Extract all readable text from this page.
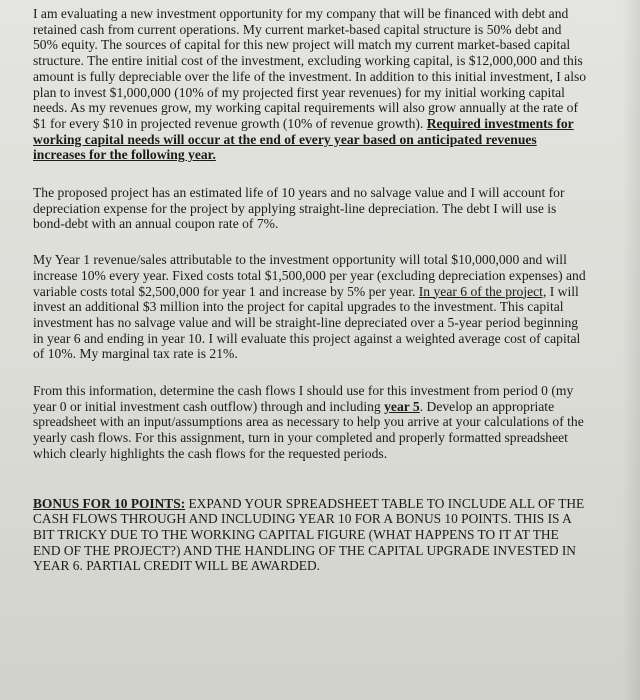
I am evaluating a new investment opportunity for my company that will be financed with debt and retained cash from current operations. My current market-based capital structure is 50% debt and 50% equity. The sources of capital for this new project will match my current market-based capital structure. The entire initial cost of the investment, excluding working capital, is $12,000,000 and this amount is fully depreciable over the life of the investment. In addition to this initial investment, I also plan to invest $1,000,000 (10% of my projected first year revenues) for my initial working capital needs. As my revenues grow, my working capital requirements will also grow annually at the rate of $1 for every $10 in projected revenue growth (10% of revenue growth). Required investments for working capital needs will occur at the end of every year based on anticipated revenues increases for the following year.

The proposed project has an estimated life of 10 years and no salvage value and I will account for depreciation expense for the project by applying straight-line depreciation. The debt I will use is bond-debt with an annual coupon rate of 7%.

My Year 1 revenue/sales attributable to the investment opportunity will total $10,000,000 and will increase 10% every year. Fixed costs total $1,500,000 per year (excluding depreciation expenses) and variable costs total $2,500,000 for year 1 and increase by 5% per year. In year 6 of the project, I will invest an additional $3 million into the project for capital upgrades to the investment. This capital investment has no salvage value and will be straight-line depreciated over a 5-year period beginning in year 6 and ending in year 10. I will evaluate this project against a weighted average cost of capital of 10%. My marginal tax rate is 21%.

From this information, determine the cash flows I should use for this investment from period 0 (my year 0 or initial investment cash outflow) through and including year 5. Develop an appropriate spreadsheet with an input/assumptions area as necessary to help you arrive at your calculations of the yearly cash flows. For this assignment, turn in your completed and properly formatted spreadsheet which clearly highlights the cash flows for the requested periods.

BONUS FOR 10 POINTS: EXPAND YOUR SPREADSHEET TABLE TO INCLUDE ALL OF THE CASH FLOWS THROUGH AND INCLUDING YEAR 10 FOR A BONUS 10 POINTS. THIS IS A BIT TRICKY DUE TO THE WORKING CAPITAL FIGURE (WHAT HAPPENS TO IT AT THE END OF THE PROJECT?) AND THE HANDLING OF THE CAPITAL UPGRADE INVESTED IN YEAR 6. PARTIAL CREDIT WILL BE AWARDED.
